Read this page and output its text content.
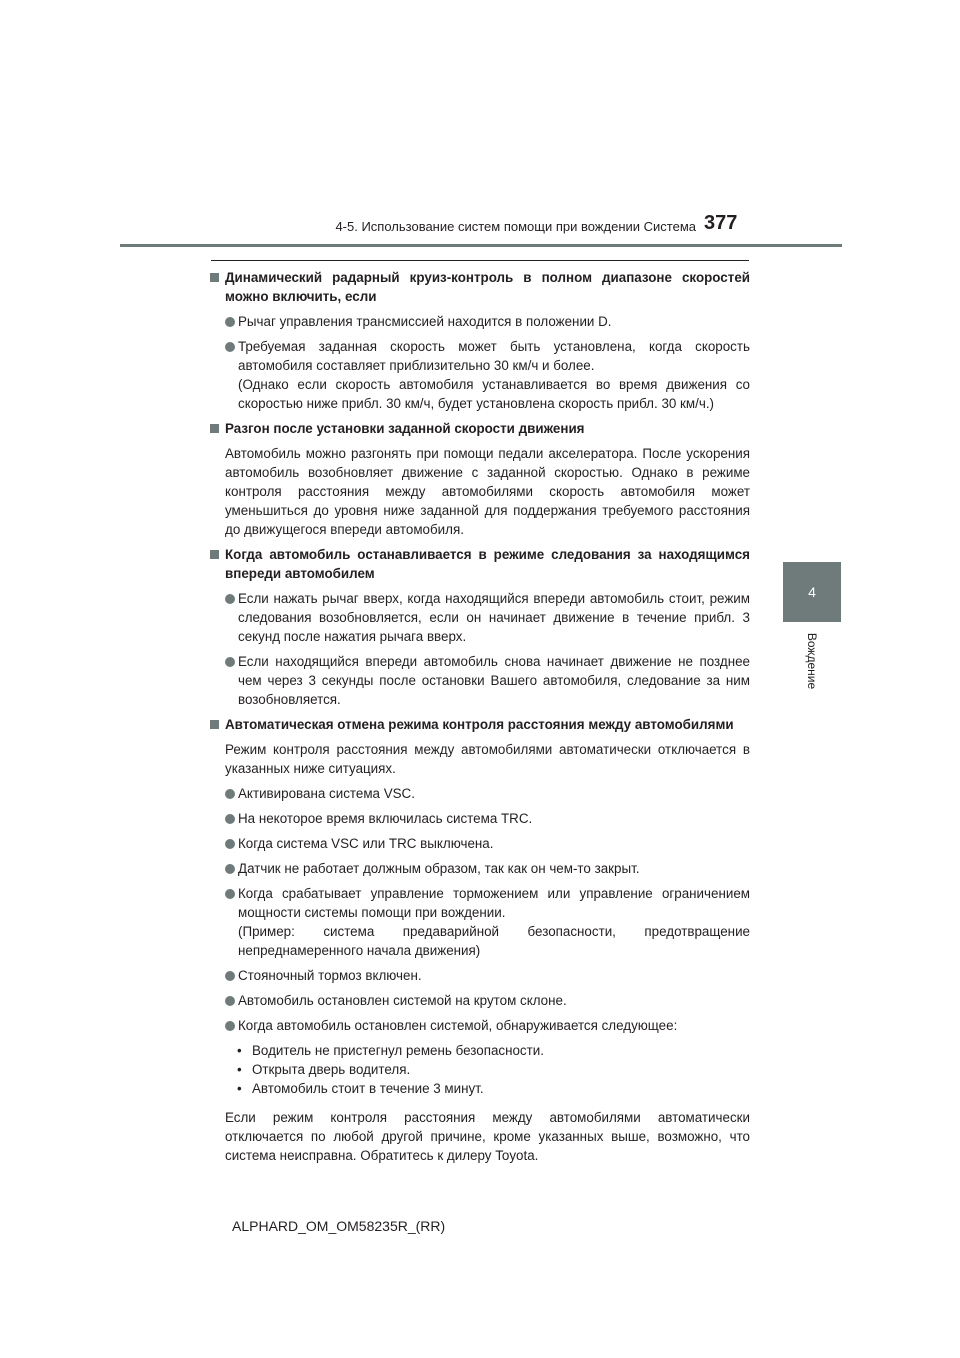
4-5. Использование систем помощи при вождении Система 377
4
Вождение
Динамический радарный круиз-контроль в полном диапазоне скоростей можно включить, если
Рычаг управления трансмиссией находится в положении D.
Требуемая заданная скорость может быть установлена, когда скорость автомобиля составляет приблизительно 30 км/ч и более.
(Однако если скорость автомобиля устанавливается во время движения со скоростью ниже прибл. 30 км/ч, будет установлена скорость прибл. 30 км/ч.)
Разгон после установки заданной скорости движения
Автомобиль можно разгонять при помощи педали акселератора. После ускорения автомобиль возобновляет движение с заданной скоростью. Однако в режиме контроля расстояния между автомобилями скорость автомобиля может уменьшиться до уровня ниже заданной для поддержания требуемого расстояния до движущегося впереди автомобиля.
Когда автомобиль останавливается в режиме следования за находящимся впереди автомобилем
Если нажать рычаг вверх, когда находящийся впереди автомобиль стоит, режим следования возобновляется, если он начинает движение в течение прибл. 3 секунд после нажатия рычага вверх.
Если находящийся впереди автомобиль снова начинает движение не позднее чем через 3 секунды после остановки Вашего автомобиля, следование за ним возобновляется.
Автоматическая отмена режима контроля расстояния между автомобилями
Режим контроля расстояния между автомобилями автоматически отключается в указанных ниже ситуациях.
Активирована система VSC.
На некоторое время включилась система TRC.
Когда система VSC или TRC выключена.
Датчик не работает должным образом, так как он чем-то закрыт.
Когда срабатывает управление торможением или управление ограничением мощности системы помощи при вождении.
(Пример: система предаварийной безопасности, предотвращение непреднамеренного начала движения)
Стояночный тормоз включен.
Автомобиль остановлен системой на крутом склоне.
Когда автомобиль остановлен системой, обнаруживается следующее:
• Водитель не пристегнул ремень безопасности.
• Открыта дверь водителя.
• Автомобиль стоит в течение 3 минут.
Если режим контроля расстояния между автомобилями автоматически отключается по любой другой причине, кроме указанных выше, возможно, что система неисправна. Обратитесь к дилеру Toyota.
ALPHARD_OM_OM58235R_(RR)
